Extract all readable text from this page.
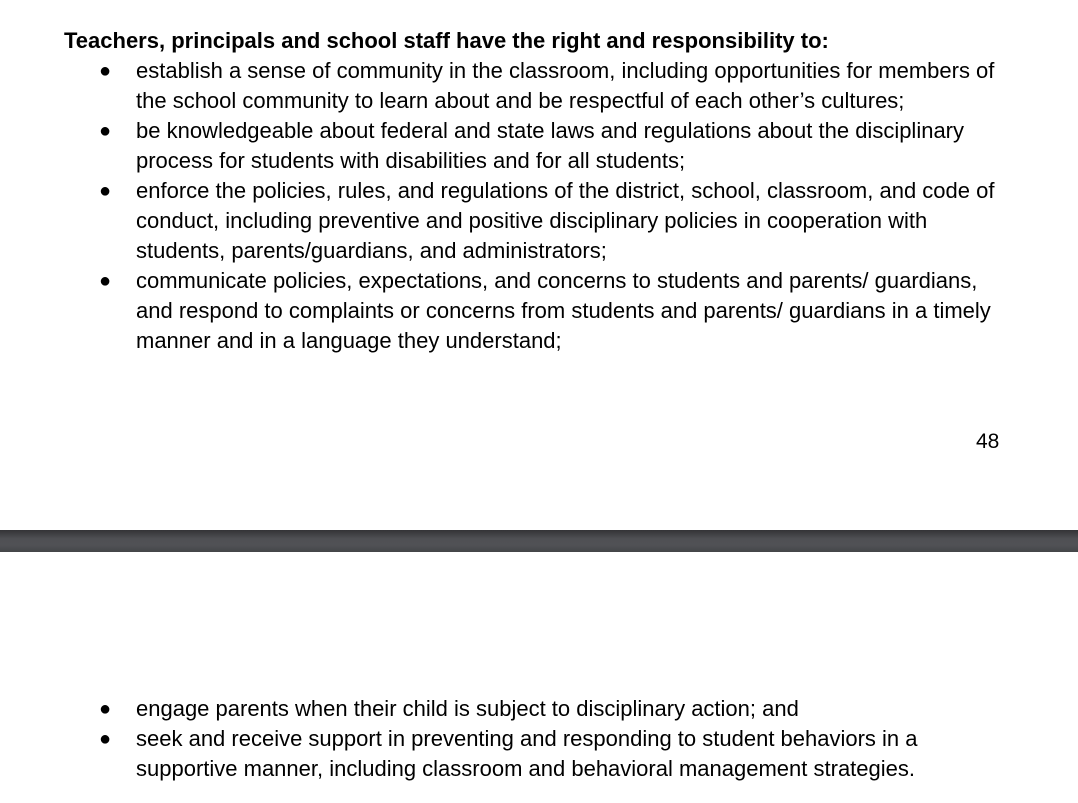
Teachers, principals and school staff have the right and responsibility to:
● establish a sense of community in the classroom, including opportunities for members of the school community to learn about and be respectful of each other’s cultures;
● be knowledgeable about federal and state laws and regulations about the disciplinary process for students with disabilities and for all students;
● enforce the policies, rules, and regulations of the district, school, classroom, and code of conduct, including preventive and positive disciplinary policies in cooperation with students, parents/guardians, and administrators;
● communicate policies, expectations, and concerns to students and parents/ guardians, and respond to complaints or concerns from students and parents/ guardians in a timely manner and in a language they understand;
48
● engage parents when their child is subject to disciplinary action; and
● seek and receive support in preventing and responding to student behaviors in a supportive manner, including classroom and behavioral management strategies.
